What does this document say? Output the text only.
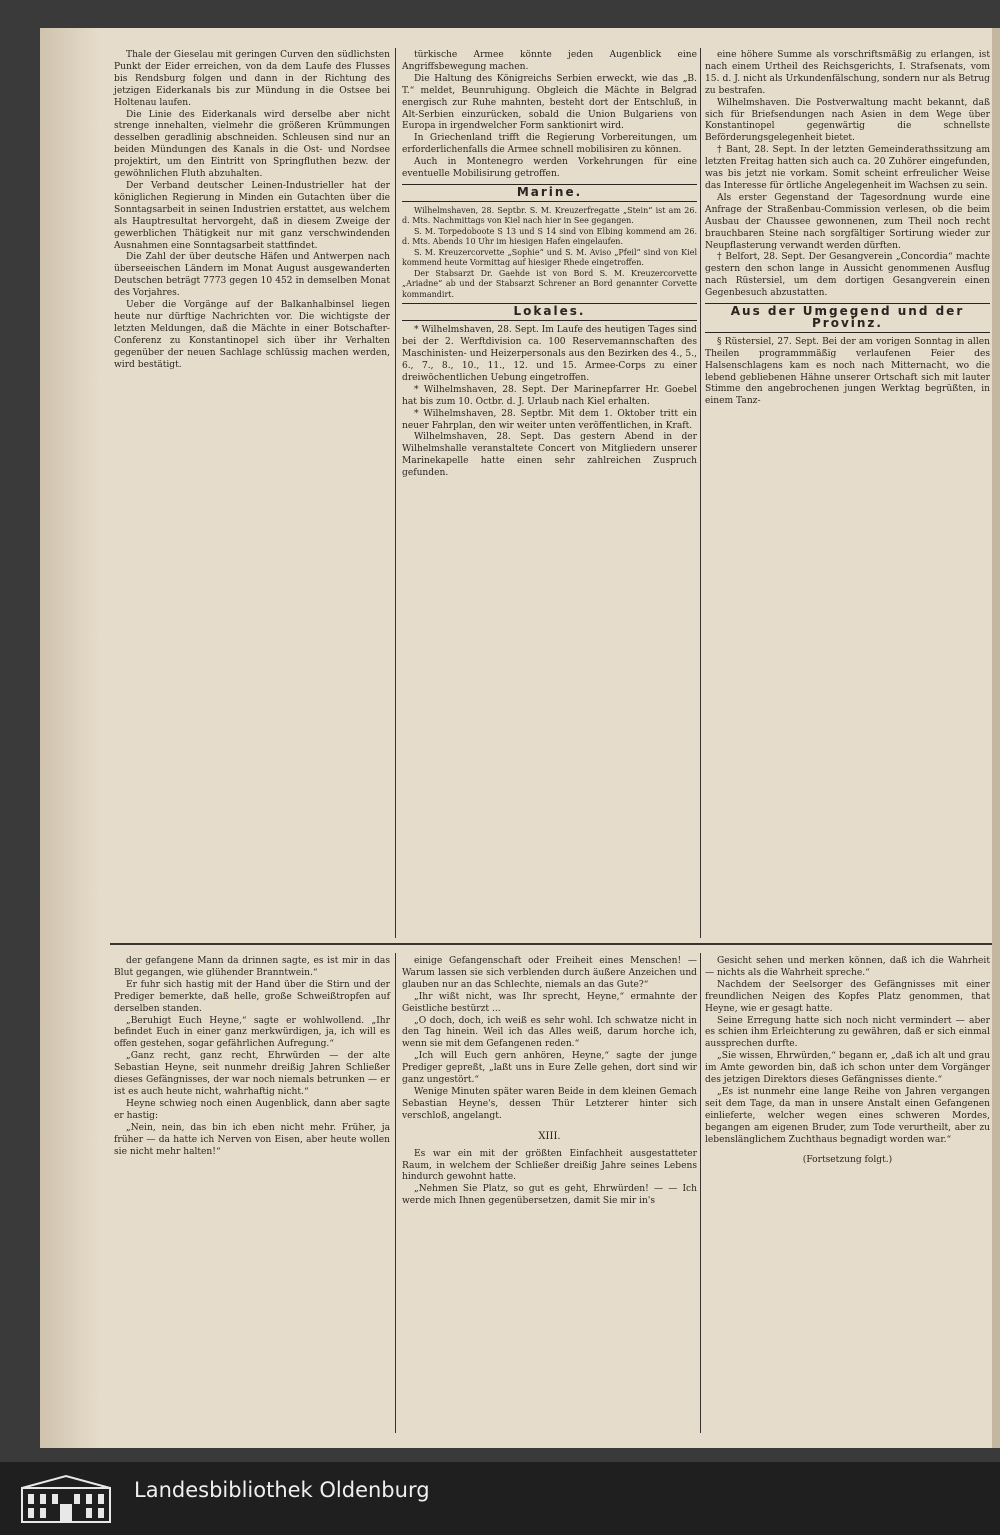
Thale der Gieselau mit geringen Curven den südlichsten Punkt der Eider erreichen, von da dem Laufe des Flusses bis Rendsburg folgen und dann in der Richtung des jetzigen Eiderkanals bis zur Mündung in die Ostsee bei Holtenau laufen.

Die Linie des Eiderkanals wird derselbe aber nicht strenge innehalten, vielmehr die größeren Krümmungen desselben geradlinig abschneiden. Schleusen sind nur an beiden Mündungen des Kanals in die Ost- und Nordsee projektirt, um den Eintritt von Springfluthen bezw. der gewöhnlichen Fluth abzuhalten.

Der Verband deutscher Leinen-Industrieller hat der königlichen Regierung in Minden ein Gutachten über die Sonntagsarbeit in seinen Industrien erstattet, aus welchem als Hauptresultat hervorgeht, daß in diesem Zweige der gewerblichen Thätigkeit nur mit ganz verschwindenden Ausnahmen eine Sonntagsarbeit stattfindet.

Die Zahl der über deutsche Häfen und Antwerpen nach überseeischen Ländern im Monat August ausgewanderten Deutschen beträgt 7773 gegen 10 452 in demselben Monat des Vorjahres.

Ueber die Vorgänge auf der Balkanhalbinsel liegen heute nur dürftige Nachrichten vor. Die wichtigste der letzten Meldungen, daß die Mächte in einer Botschafter-Conferenz zu Konstantinopel sich über ihr Verhalten gegenüber der neuen Sachlage schlüssig machen werden, wird bestätigt.

türkische Armee könnte jeden Augenblick eine Angriffsbewegung machen.

Die Haltung des Königreichs Serbien erweckt, wie das „B. T.“ meldet, Beunruhigung. Obgleich die Mächte in Belgrad energisch zur Ruhe mahnten, besteht dort der Entschluß, in Alt-Serbien einzurücken, sobald die Union Bulgariens von Europa in irgendwelcher Form sanktionirt wird.

In Griechenland trifft die Regierung Vorbereitungen, um erforderlichenfalls die Armee schnell mobilisiren zu können.

Auch in Montenegro werden Vorkehrungen für eine eventuelle Mobilisirung getroffen.

Marine.

Wilhelmshaven, 28. Septbr. S. M. Kreuzerfregatte „Stein“ ist am 26. d. Mts. Nachmittags von Kiel nach hier in See gegangen.

S. M. Torpedoboote S 13 und S 14 sind von Elbing kommend am 26. d. Mts. Abends 10 Uhr im hiesigen Hafen eingelaufen.

S. M. Kreuzercorvette „Sophie“ und S. M. Aviso „Pfeil“ sind von Kiel kommend heute Vormittag auf hiesiger Rhede eingetroffen.

Der Stabsarzt Dr. Gaehde ist von Bord S. M. Kreuzercorvette „Ariadne“ ab und der Stabsarzt Schrener an Bord genannter Corvette kommandirt.

Lokales.

* Wilhelmshaven, 28. Sept. Im Laufe des heutigen Tages sind bei der 2. Werftdivision ca. 100 Reservemannschaften des Maschinisten- und Heizerpersonals aus den Bezirken des 4., 5., 6., 7., 8., 10., 11., 12. und 15. Armee-Corps zu einer dreiwöchentlichen Uebung eingetroffen.

* Wilhelmshaven, 28. Sept. Der Marinepfarrer Hr. Goebel hat bis zum 10. Octbr. d. J. Urlaub nach Kiel erhalten.

* Wilhelmshaven, 28. Septbr. Mit dem 1. Oktober tritt ein neuer Fahrplan, den wir weiter unten veröffentlichen, in Kraft.

Wilhelmshaven, 28. Sept. Das gestern Abend in der Wilhelmshalle veranstaltete Concert von Mitgliedern unserer Marinekapelle hatte einen sehr zahlreichen Zuspruch gefunden.

eine höhere Summe als vorschriftsmäßig zu erlangen, ist nach einem Urtheil des Reichsgerichts, I. Strafsenats, vom 15. d. J. nicht als Urkundenfälschung, sondern nur als Betrug zu bestrafen.

Wilhelmshaven. Die Postverwaltung macht bekannt, daß sich für Briefsendungen nach Asien in dem Wege über Konstantinopel gegenwärtig die schnellste Beförderungsgelegenheit bietet.

† Bant, 28. Sept. In der letzten Gemeinderathssitzung am letzten Freitag hatten sich auch ca. 20 Zuhörer eingefunden, was bis jetzt nie vorkam. Somit scheint erfreulicher Weise das Interesse für örtliche Angelegenheit im Wachsen zu sein.

Als erster Gegenstand der Tagesordnung wurde eine Anfrage der Straßenbau-Commission verlesen, ob die beim Ausbau der Chaussee gewonnenen, zum Theil noch recht brauchbaren Steine nach sorgfältiger Sortirung wieder zur Neupflasterung verwandt werden dürften.

† Belfort, 28. Sept. Der Gesangverein „Concordia“ machte gestern den schon lange in Aussicht genommenen Ausflug nach Rüstersiel, um dem dortigen Gesangverein einen Gegenbesuch abzustatten.

Aus der Umgegend und der Provinz.

§ Rüstersiel, 27. Sept. Bei der am vorigen Sonntag in allen Theilen programmmäßig verlaufenen Feier des Halsenschlagens kam es noch nach Mitternacht, wo die lebend gebliebenen Hähne unserer Ortschaft sich mit lauter Stimme den angebrochenen jungen Werktag begrüßten, in einem Tanz-

der gefangene Mann da drinnen sagte, es ist mir in das Blut gegangen, wie glühender Branntwein.“

Er fuhr sich hastig mit der Hand über die Stirn und der Prediger bemerkte, daß helle, große Schweißtropfen auf derselben standen.

„Beruhigt Euch Heyne,“ sagte er wohlwollend. „Ihr befindet Euch in einer ganz merkwürdigen, ja, ich will es offen gestehen, sogar gefährlichen Aufregung.“

„Ganz recht, ganz recht, Ehrwürden — der alte Sebastian Heyne, seit nunmehr dreißig Jahren Schließer dieses Gefängnisses, der war noch niemals betrunken — er ist es auch heute nicht, wahrhaftig nicht.“

Heyne schwieg noch einen Augenblick, dann aber sagte er hastig:

„Nein, nein, das bin ich eben nicht mehr. Früher, ja früher — da hatte ich Nerven von Eisen, aber heute wollen sie nicht mehr halten!“

einige Gefangenschaft oder Freiheit eines Menschen! — Warum lassen sie sich verblenden durch äußere Anzeichen und glauben nur an das Schlechte, niemals an das Gute?“

„Ihr wißt nicht, was Ihr sprecht, Heyne,“ ermahnte der Geistliche bestürzt ...

„O doch, doch, ich weiß es sehr wohl. Ich schwatze nicht in den Tag hinein. Weil ich das Alles weiß, darum horche ich, wenn sie mit dem Gefangenen reden.“

„Ich will Euch gern anhören, Heyne,“ sagte der junge Prediger gepreßt, „laßt uns in Eure Zelle gehen, dort sind wir ganz ungestört.“

Wenige Minuten später waren Beide in dem kleinen Gemach Sebastian Heyne's, dessen Thür Letzterer hinter sich verschloß, angelangt.

XIII.

Es war ein mit der größten Einfachheit ausgestatteter Raum, in welchem der Schließer dreißig Jahre seines Lebens hindurch gewohnt hatte.

„Nehmen Sie Platz, so gut es geht, Ehrwürden! — — Ich werde mich Ihnen gegenübersetzen, damit Sie mir in's

Gesicht sehen und merken können, daß ich die Wahrheit — nichts als die Wahrheit spreche.“

Nachdem der Seelsorger des Gefängnisses mit einer freundlichen Neigen des Kopfes Platz genommen, that Heyne, wie er gesagt hatte.

Seine Erregung hatte sich noch nicht vermindert — aber es schien ihm Erleichterung zu gewähren, daß er sich einmal aussprechen durfte.

„Sie wissen, Ehrwürden,“ begann er, „daß ich alt und grau im Amte geworden bin, daß ich schon unter dem Vorgänger des jetzigen Direktors dieses Gefängnisses diente.“

„Es ist nunmehr eine lange Reihe von Jahren vergangen seit dem Tage, da man in unsere Anstalt einen Gefangenen einlieferte, welcher wegen eines schweren Mordes, begangen am eigenen Bruder, zum Tode verurtheilt, aber zu lebenslänglichem Zuchthaus begnadigt worden war.“

(Fortsetzung folgt.)
Landesbibliothek Oldenburg
